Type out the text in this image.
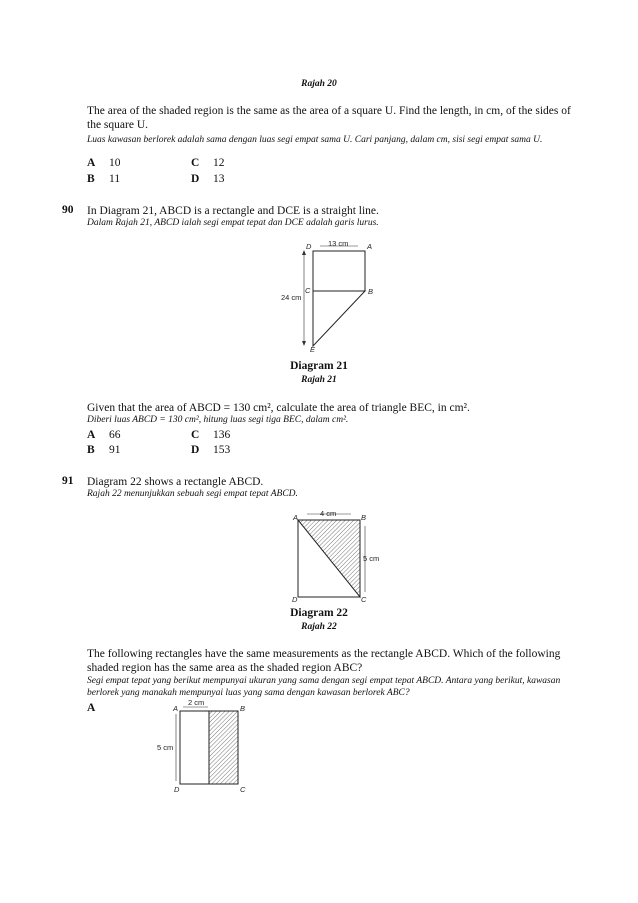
Rajah 20
The area of the shaded region is the same as the area of a square U. Find the length, in cm, of the sides of the square U.
Luas kawasan berlorek adalah sama dengan luas segi empat sama U. Cari panjang, dalam cm, sisi segi empat sama U.
A 10	C 12
B 11	D 13
90 In Diagram 21, ABCD is a rectangle and DCE is a straight line.
Dalam Rajah 21, ABCD ialah segi empat tepat dan DCE adalah garis lurus.
13 cm
24 cm
D	A
C	B
E
Diagram 21
Rajah 21
Given that the area of ABCD = 130 cm², calculate the area of triangle BEC, in cm².
Diberi luas ABCD = 130 cm², hitung luas segi tiga BEC, dalam cm².
A 66	C 136
B 91	D 153
91 Diagram 22 shows a rectangle ABCD.
Rajah 22 menunjukkan sebuah segi empat tepat ABCD.
A	B
C
D
4 cm
5 cm
Diagram 22
Rajah 22
The following rectangles have the same measurements as the rectangle ABCD. Which of the following shaded region has the same area as the shaded region ABC?
Segi empat tepat yang berikut mempunyai ukuran yang sama dengan segi empat tepat ABCD. Antara yang berikut, kawasan berlorek yang manakah mempunyai luas yang sama dengan kawasan berlorek ABC?
A	2 cm
5 cm
A	B
C
D
